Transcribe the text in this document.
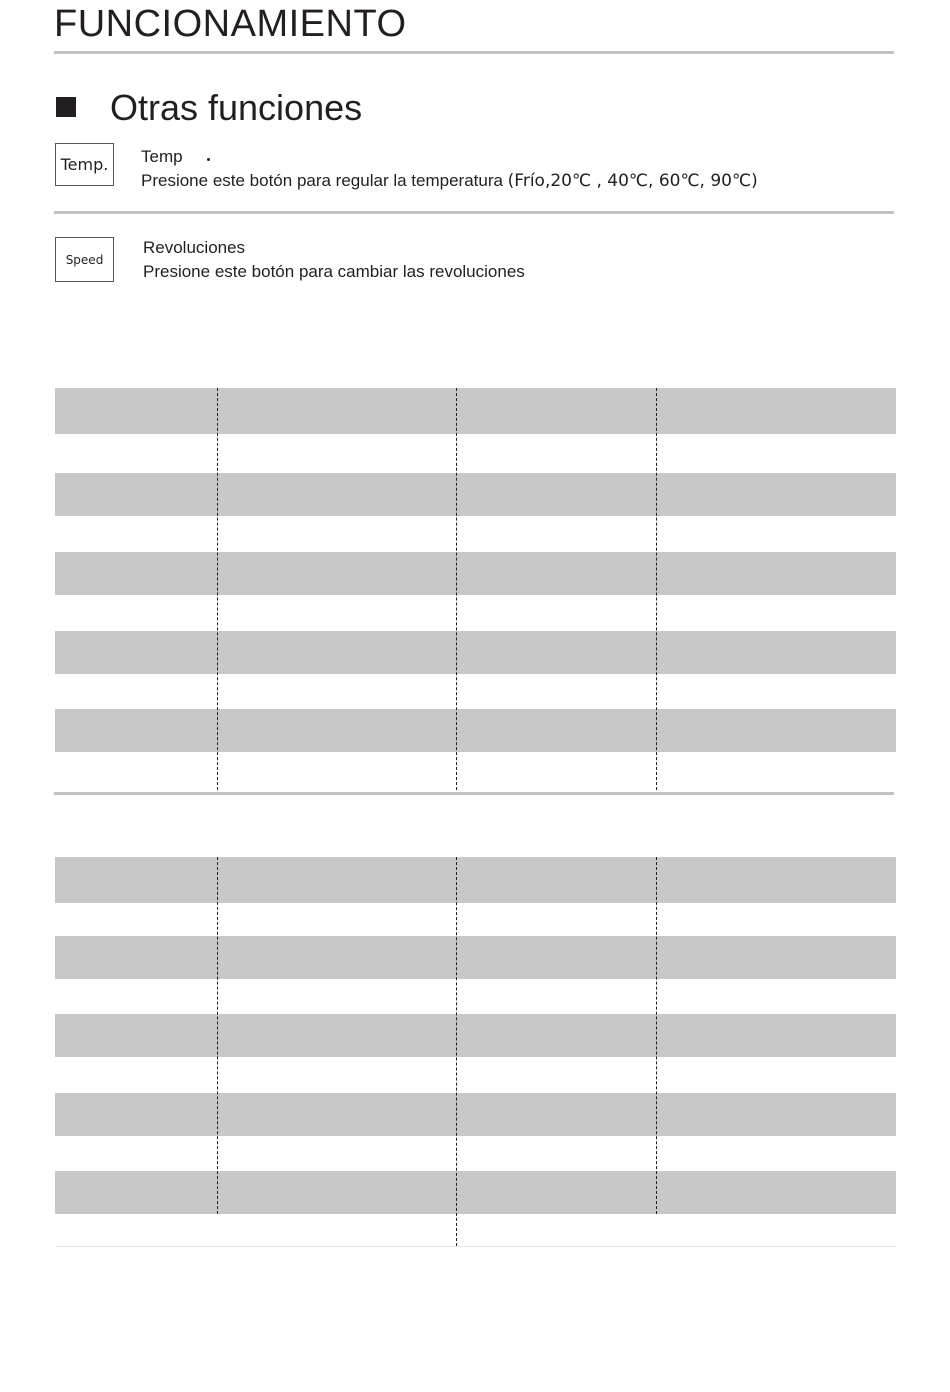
FUNCIONAMIENTO
Otras funciones
Temp. Temp
Presione este botón para regular la temperatura (Frío,20℃ , 40℃, 60℃, 90℃)
Speed
Revoluciones
Presione este botón para cambiar las revoluciones
